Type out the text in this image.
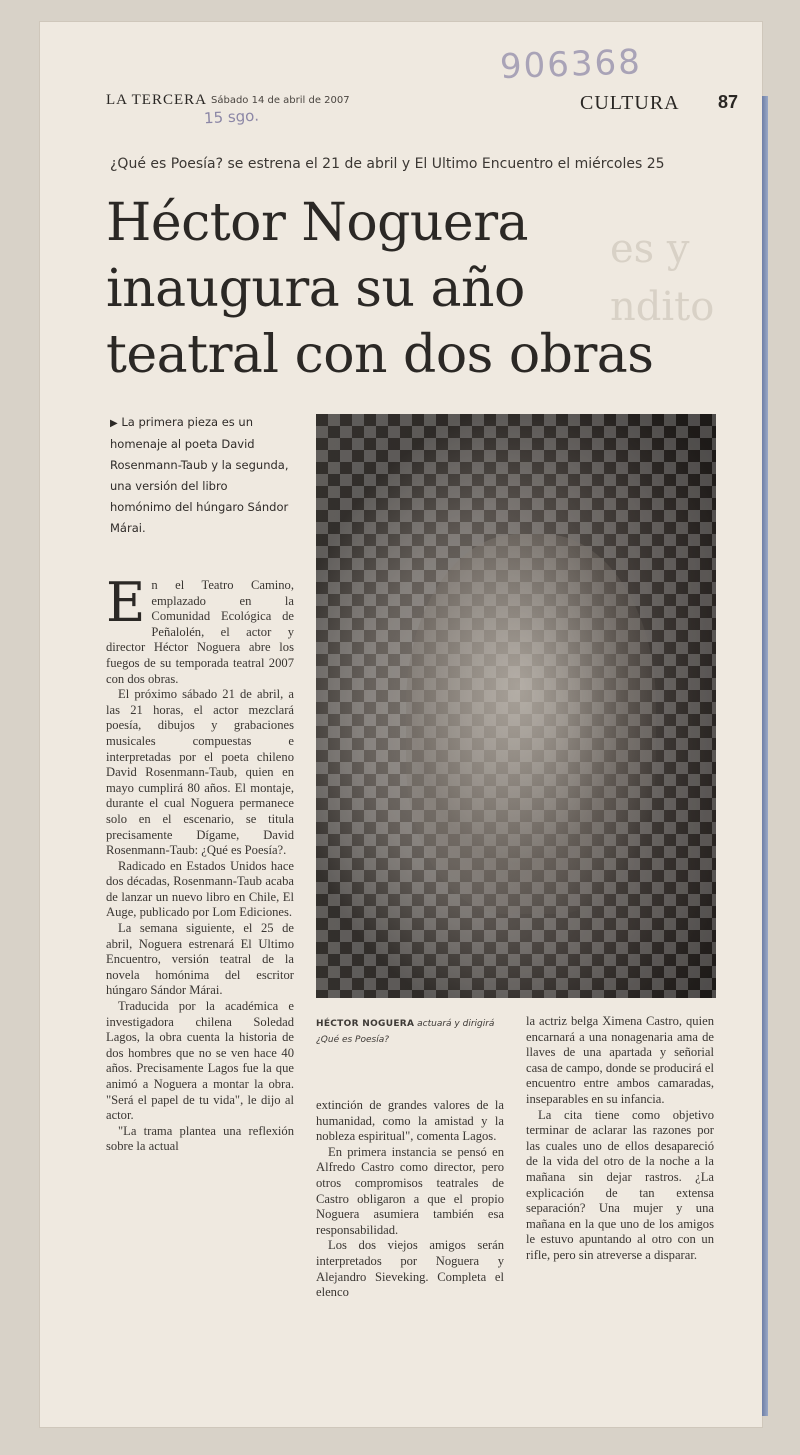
906368
LA TERCERA Sábado 14 de abril de 2007
15 sgo.
CULTURA 87
¿Qué es Poesía? se estrena el 21 de abril y El Ultimo Encuentro el miércoles 25
es y
ndito
Héctor Noguera
inaugura su año
teatral con dos obras
▶ La primera pieza es un homenaje al poeta David Rosenmann-Taub y la segunda, una versión del libro homónimo del húngaro Sándor Márai.
HÉCTOR NOGUERA actuará y dirigirá ¿Qué es Poesía?

En el Teatro Camino, emplazado en la Comunidad Ecológica de Peñalolén, el actor y director Héctor Noguera abre los fuegos de su temporada teatral 2007 con dos obras.

El próximo sábado 21 de abril, a las 21 horas, el actor mezclará poesía, dibujos y grabaciones musicales compuestas e interpretadas por el poeta chileno David Rosenmann-Taub, quien en mayo cumplirá 80 años. El montaje, durante el cual Noguera permanece solo en el escenario, se titula precisamente Dígame, David Rosenmann-Taub: ¿Qué es Poesía?.

Radicado en Estados Unidos hace dos décadas, Rosenmann-Taub acaba de lanzar un nuevo libro en Chile, El Auge, publicado por Lom Ediciones.

La semana siguiente, el 25 de abril, Noguera estrenará El Ultimo Encuentro, versión teatral de la novela homónima del escritor húngaro Sándor Márai.

Traducida por la académica e investigadora chilena Soledad Lagos, la obra cuenta la historia de dos hombres que no se ven hace 40 años. Precisamente Lagos fue la que animó a Noguera a montar la obra. "Será el papel de tu vida", le dijo al actor.

"La trama plantea una reflexión sobre la actual

extinción de grandes valores de la humanidad, como la amistad y la nobleza espiritual", comenta Lagos.

En primera instancia se pensó en Alfredo Castro como director, pero otros compromisos teatrales de Castro obligaron a que el propio Noguera asumiera también esa responsabilidad.

Los dos viejos amigos serán interpretados por Noguera y Alejandro Sieveking. Completa el elenco

la actriz belga Ximena Castro, quien encarnará a una nonagenaria ama de llaves de una apartada y señorial casa de campo, donde se producirá el encuentro entre ambos camaradas, inseparables en su infancia.

La cita tiene como objetivo terminar de aclarar las razones por las cuales uno de ellos desapareció de la vida del otro de la noche a la mañana sin dejar rastros. ¿La explicación de tan extensa separación? Una mujer y una mañana en la que uno de los amigos le estuvo apuntando al otro con un rifle, pero sin atreverse a disparar.
